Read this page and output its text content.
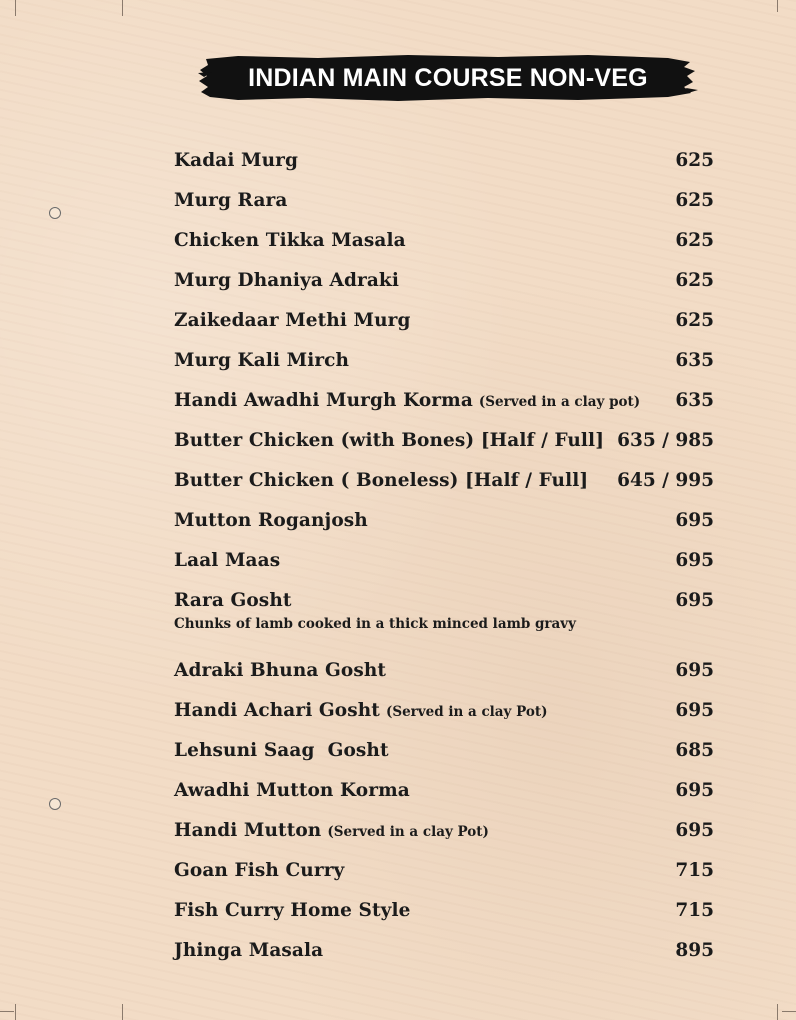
INDIAN MAIN COURSE NON-VEG
Kadai Murg	625
Murg Rara	625
Chicken Tikka Masala	625
Murg Dhaniya Adraki	625
Zaikedaar Methi Murg	625
Murg Kali Mirch	635
Handi Awadhi Murgh Korma (Served in a clay pot) 635
Butter Chicken (with Bones) [Half / Full] 635 / 985
Butter Chicken ( Boneless) [Half / Full] 645 / 995
Mutton Roganjosh	695
Laal Maas	695
Rara Gosht	695
Chunks of lamb cooked in a thick minced lamb gravy
Adraki Bhuna Gosht	695
Handi Achari Gosht (Served in a clay Pot)	695
Lehsuni Saag  Gosht	685
Awadhi Mutton Korma	695
Handi Mutton (Served in a clay Pot)	695
Goan Fish Curry	715
Fish Curry Home Style	715
Jhinga Masala	895
